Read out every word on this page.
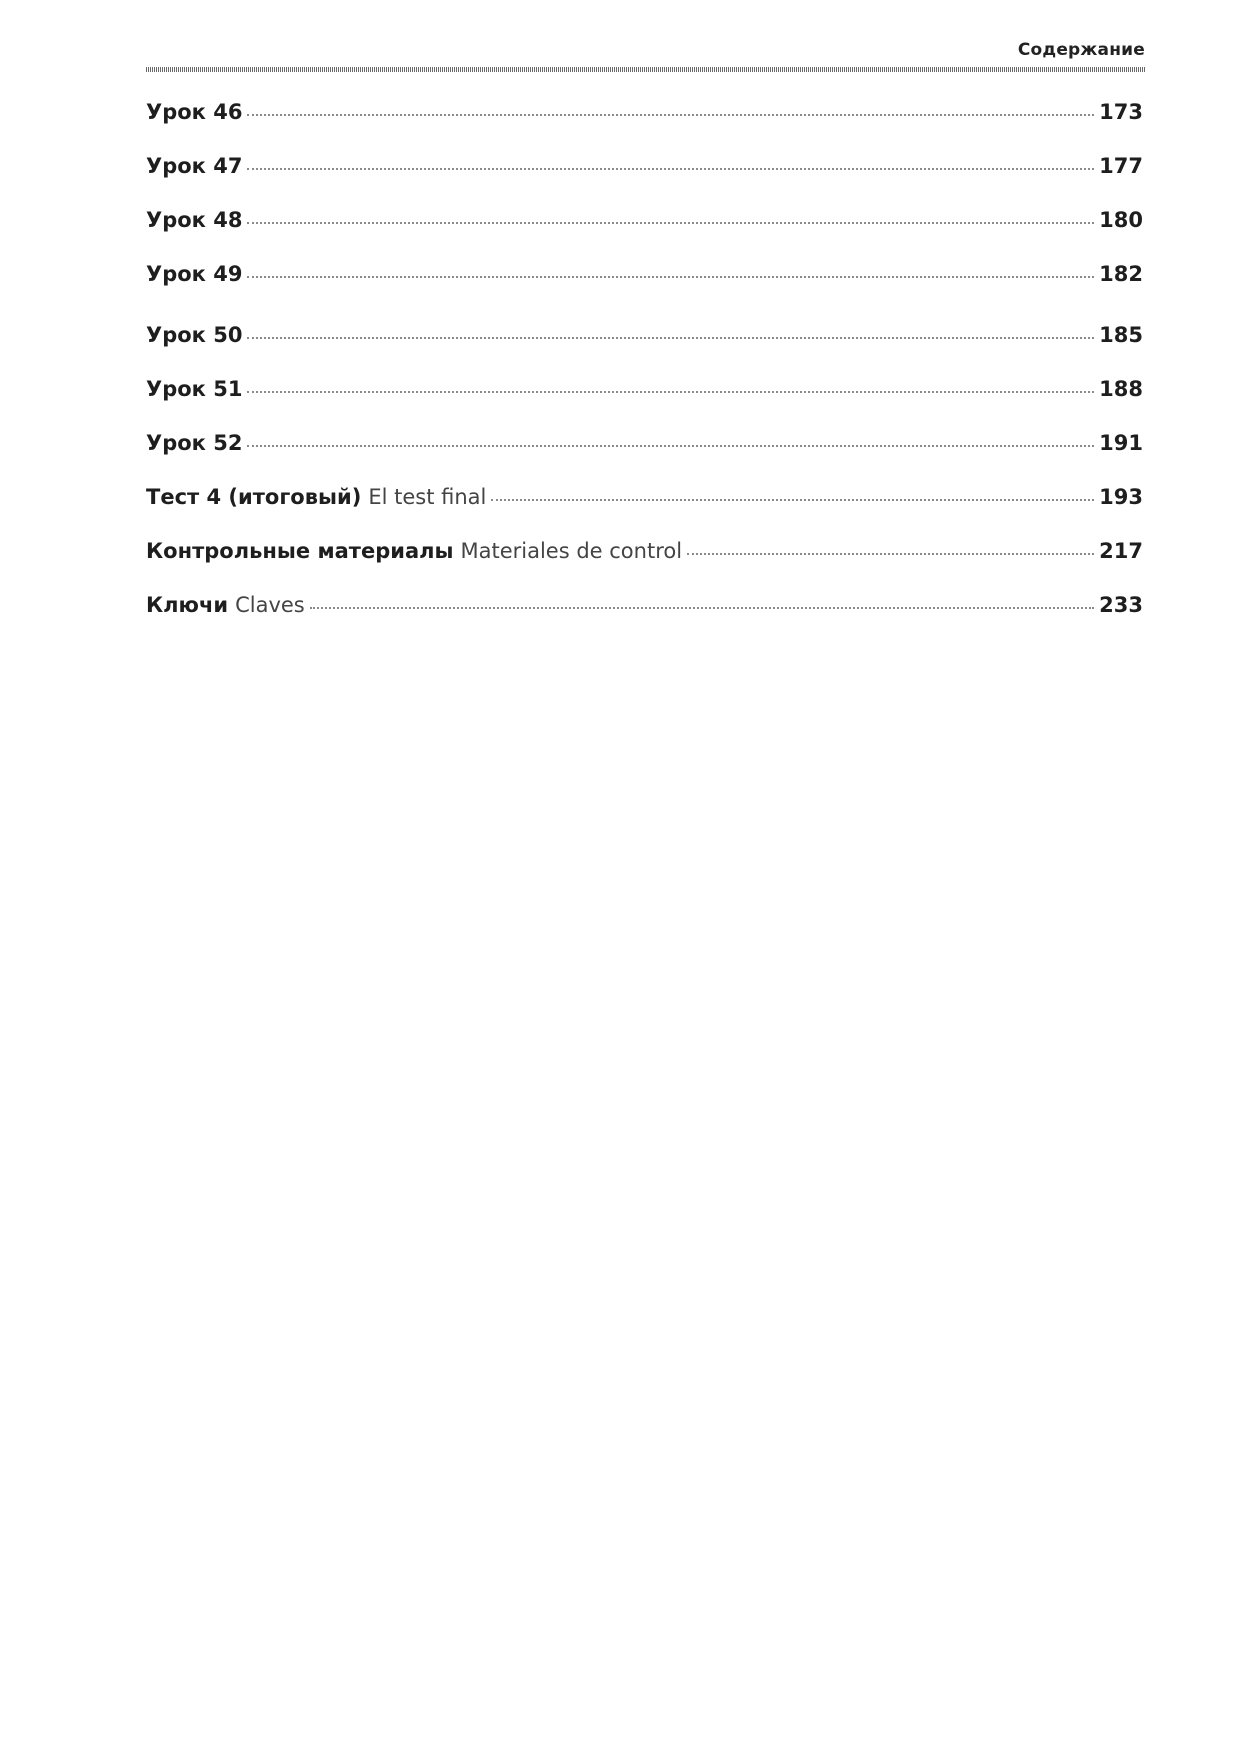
Содержание
Урок 46	173
Урок 47	177
Урок 48	180
Урок 49	182
Урок 50	185
Урок 51	188
Урок 52	191
Тест 4 (итоговый) El test final	193
Контрольные материалы Materiales de control	217
Ключи Claves	233
